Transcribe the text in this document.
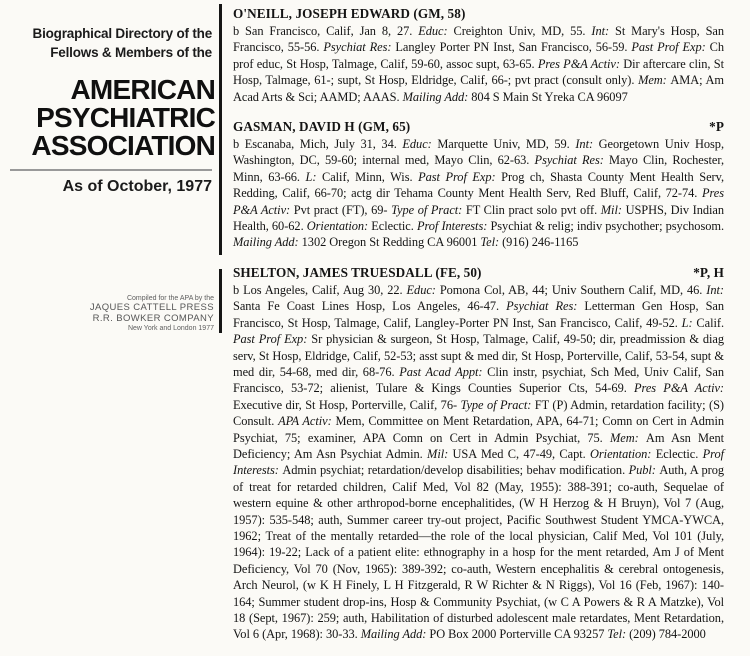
Biographical Directory of the
Fellows & Members of the
AMERICAN
PSYCHIATRIC
ASSOCIATION
As of October, 1977
Compiled for the APA by the
JAQUES CATTELL PRESS
R.R. BOWKER COMPANY
New York and London 1977
O'NEILL, JOSEPH EDWARD (GM, 58)

b San Francisco, Calif, Jan 8, 27. Educ: Creighton Univ, MD, 55. Int: St Mary's Hosp, San Francisco, 55-56. Psychiat Res: Langley Porter PN Inst, San Francisco, 56-59. Past Prof Exp: Ch prof educ, St Hosp, Talmage, Calif, 59-60, assoc supt, 63-65. Pres P&A Activ: Dir aftercare clin, St Hosp, Talmage, 61-; supt, St Hosp, Eldridge, Calif, 66-; pvt pract (consult only). Mem: AMA; Am Acad Arts & Sci; AAMD; AAAS. Mailing Add: 804 S Main St Yreka CA 96097

GASMAN, DAVID H (GM, 65)	*P

b Escanaba, Mich, July 31, 34. Educ: Marquette Univ, MD, 59. Int: Georgetown Univ Hosp, Washington, DC, 59-60; internal med, Mayo Clin, 62-63. Psychiat Res: Mayo Clin, Rochester, Minn, 63-66. L: Calif, Minn, Wis. Past Prof Exp: Prog ch, Shasta County Ment Health Serv, Redding, Calif, 66-70; actg dir Tehama County Ment Health Serv, Red Bluff, Calif, 72-74. Pres P&A Activ: Pvt pract (FT), 69- Type of Pract: FT Clin pract solo pvt off. Mil: USPHS, Div Indian Health, 60-62. Orientation: Eclectic. Prof Interests: Psychiat & relig; indiv psychother; psychosom. Mailing Add: 1302 Oregon St Redding CA 96001 Tel: (916) 246-1165

SHELTON, JAMES TRUESDALL (FE, 50)	*P, H

b Los Angeles, Calif, Aug 30, 22. Educ: Pomona Col, AB, 44; Univ Southern Calif, MD, 46. Int: Santa Fe Coast Lines Hosp, Los Angeles, 46-47. Psychiat Res: Letterman Gen Hosp, San Francisco, St Hosp, Talmage, Calif, Langley-Porter PN Inst, San Francisco, Calif, 49-52. L: Calif. Past Prof Exp: Sr physician & surgeon, St Hosp, Talmage, Calif, 49-50; dir, preadmission & diag serv, St Hosp, Eldridge, Calif, 52-53; asst supt & med dir, St Hosp, Porterville, Calif, 53-54, supt & med dir, 54-68, med dir, 68-76. Past Acad Appt: Clin instr, psychiat, Sch Med, Univ Calif, San Francisco, 53-72; alienist, Tulare & Kings Counties Superior Cts, 54-69. Pres P&A Activ: Executive dir, St Hosp, Porterville, Calif, 76- Type of Pract: FT (P) Admin, retardation facility; (S) Consult. APA Activ: Mem, Committee on Ment Retardation, APA, 64-71; Comn on Cert in Admin Psychiat, 75; examiner, APA Comn on Cert in Admin Psychiat, 75. Mem: Am Asn Ment Deficiency; Am Asn Psychiat Admin. Mil: USA Med C, 47-49, Capt. Orientation: Eclectic. Prof Interests: Admin psychiat; retardation/develop disabilities; behav modification. Publ: Auth, A prog of treat for retarded children, Calif Med, Vol 82 (May, 1955): 388-391; co-auth, Sequelae of western equine & other arthropod-borne encephalitides, (W H Herzog & H Bruyn), Vol 7 (Aug, 1957): 535-548; auth, Summer career try-out project, Pacific Southwest Student YMCA-YWCA, 1962; Treat of the mentally retarded—the role of the local physician, Calif Med, Vol 101 (July, 1964): 19-22; Lack of a patient elite: ethnography in a hosp for the ment retarded, Am J of Ment Deficiency, Vol 70 (Nov, 1965): 389-392; co-auth, Western encephalitis & cerebral ontogenesis, Arch Neurol, (w K H Finely, L H Fitzgerald, R W Richter & N Riggs), Vol 16 (Feb, 1967): 140-164; Summer student drop-ins, Hosp & Community Psychiat, (w C A Powers & R A Matzke), Vol 18 (Sept, 1967): 259; auth, Habilitation of disturbed adolescent male retardates, Ment Retardation, Vol 6 (Apr, 1968): 30-33. Mailing Add: PO Box 2000 Porterville CA 93257 Tel: (209) 784-2000
